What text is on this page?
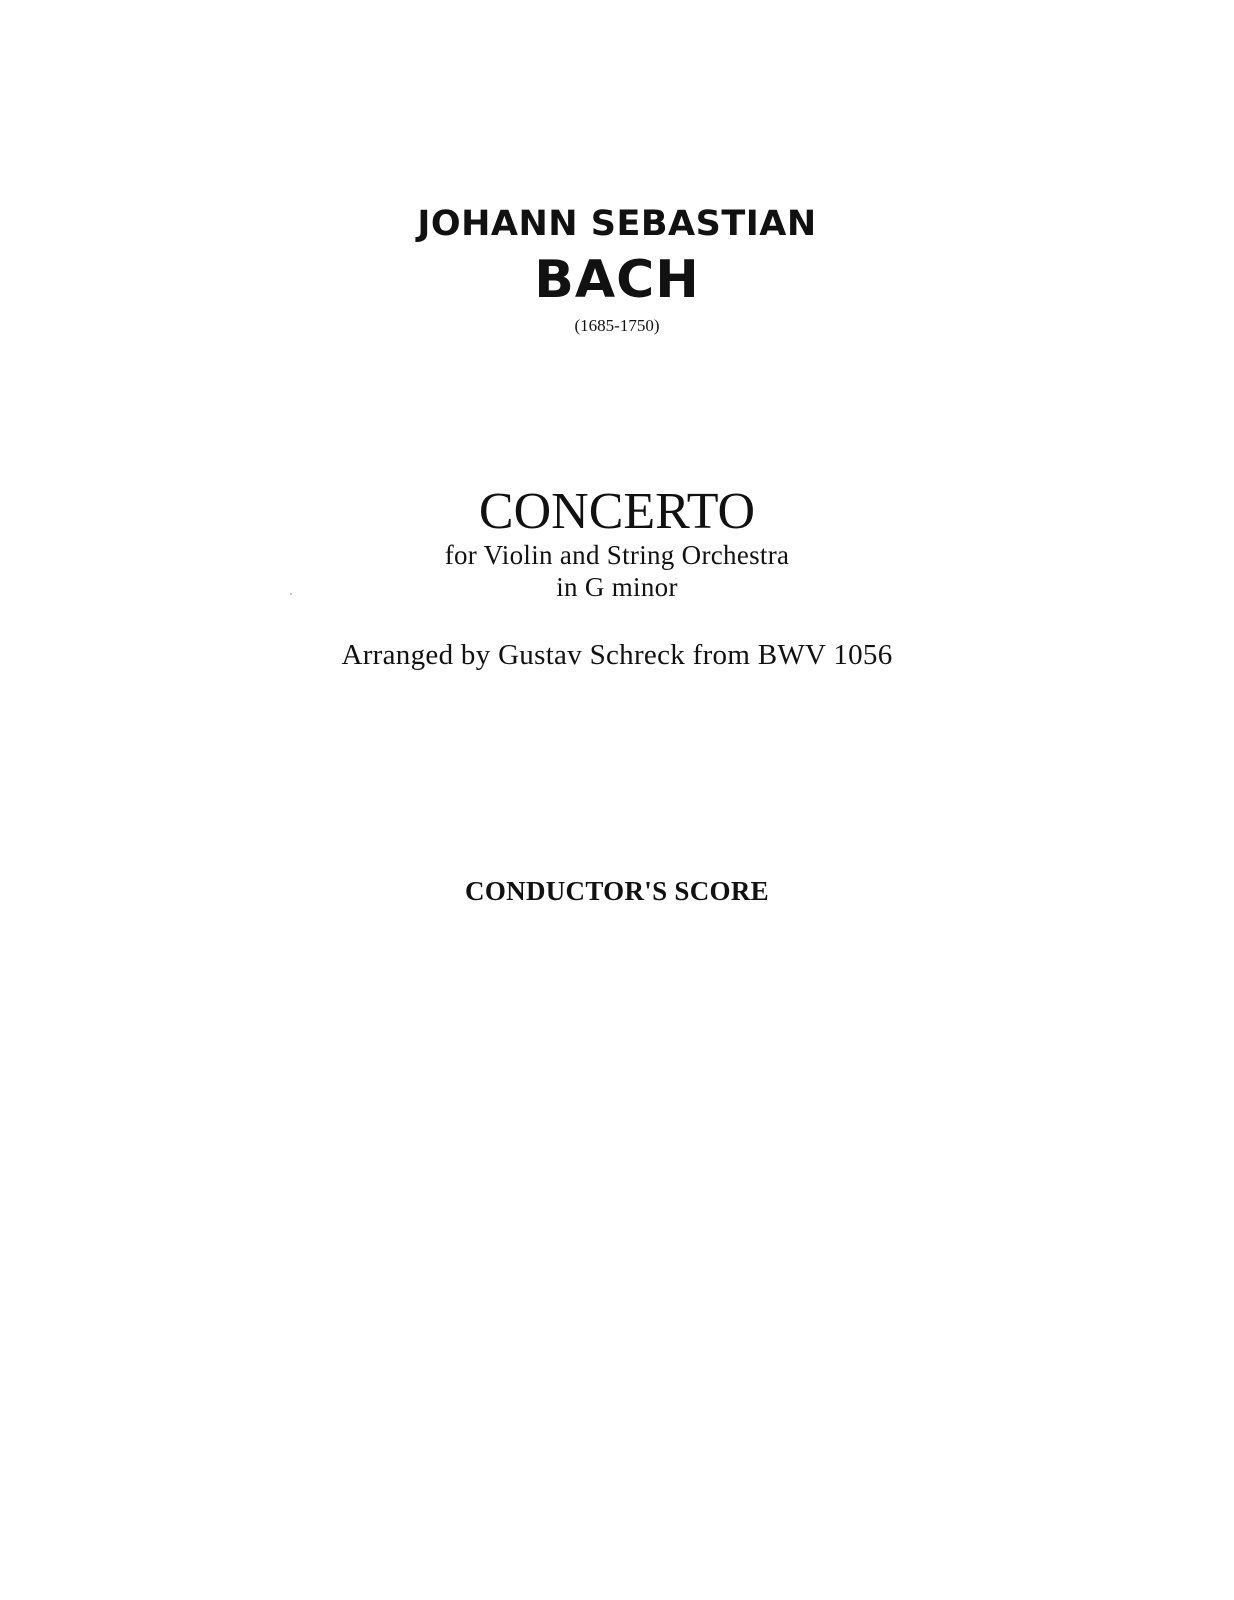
JOHANN SEBASTIAN

BACH

(1685-1750)

CONCERTO

for Violin and String Orchestra

in G minor

Arranged by Gustav Schreck from BWV 1056

CONDUCTOR'S SCORE
